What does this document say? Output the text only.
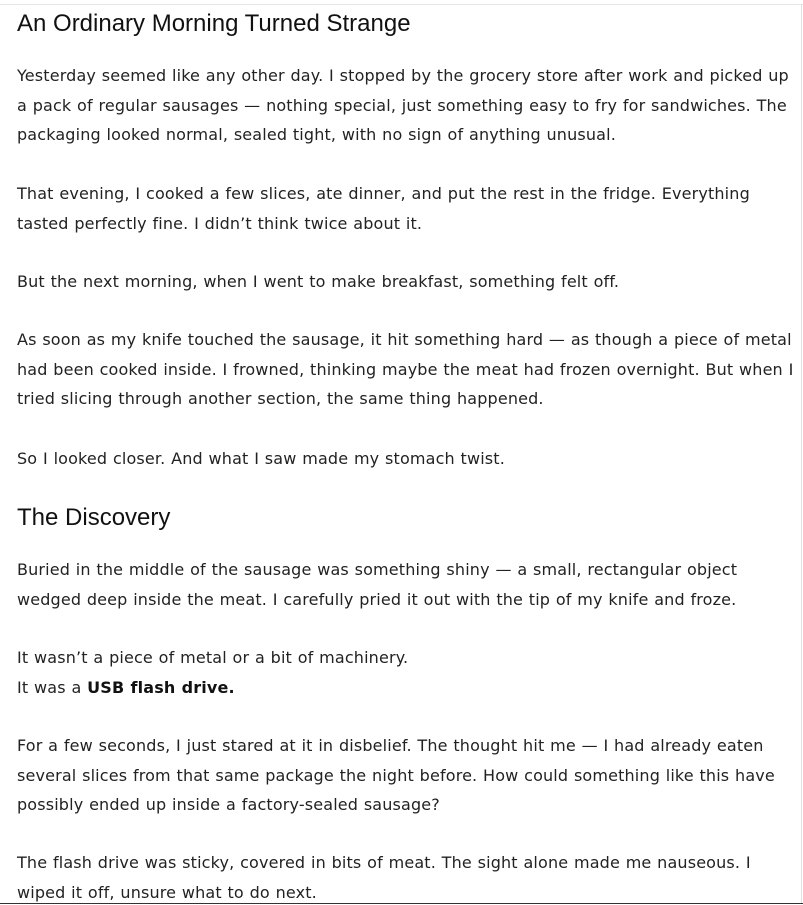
An Ordinary Morning Turned Strange

Yesterday seemed like any other day. I stopped by the grocery store after work and picked up a pack of regular sausages — nothing special, just something easy to fry for sandwiches. The packaging looked normal, sealed tight, with no sign of anything unusual.

That evening, I cooked a few slices, ate dinner, and put the rest in the fridge. Everything tasted perfectly fine. I didn’t think twice about it.

But the next morning, when I went to make breakfast, something felt off.

As soon as my knife touched the sausage, it hit something hard — as though a piece of metal had been cooked inside. I frowned, thinking maybe the meat had frozen overnight. But when I tried slicing through another section, the same thing happened.

So I looked closer. And what I saw made my stomach twist.

The Discovery

Buried in the middle of the sausage was something shiny — a small, rectangular object wedged deep inside the meat. I carefully pried it out with the tip of my knife and froze.

It wasn’t a piece of metal or a bit of machinery.
It was a USB flash drive.

For a few seconds, I just stared at it in disbelief. The thought hit me — I had already eaten several slices from that same package the night before. How could something like this have possibly ended up inside a factory-sealed sausage?

The flash drive was sticky, covered in bits of meat. The sight alone made me nauseous. I wiped it off, unsure what to do next.
